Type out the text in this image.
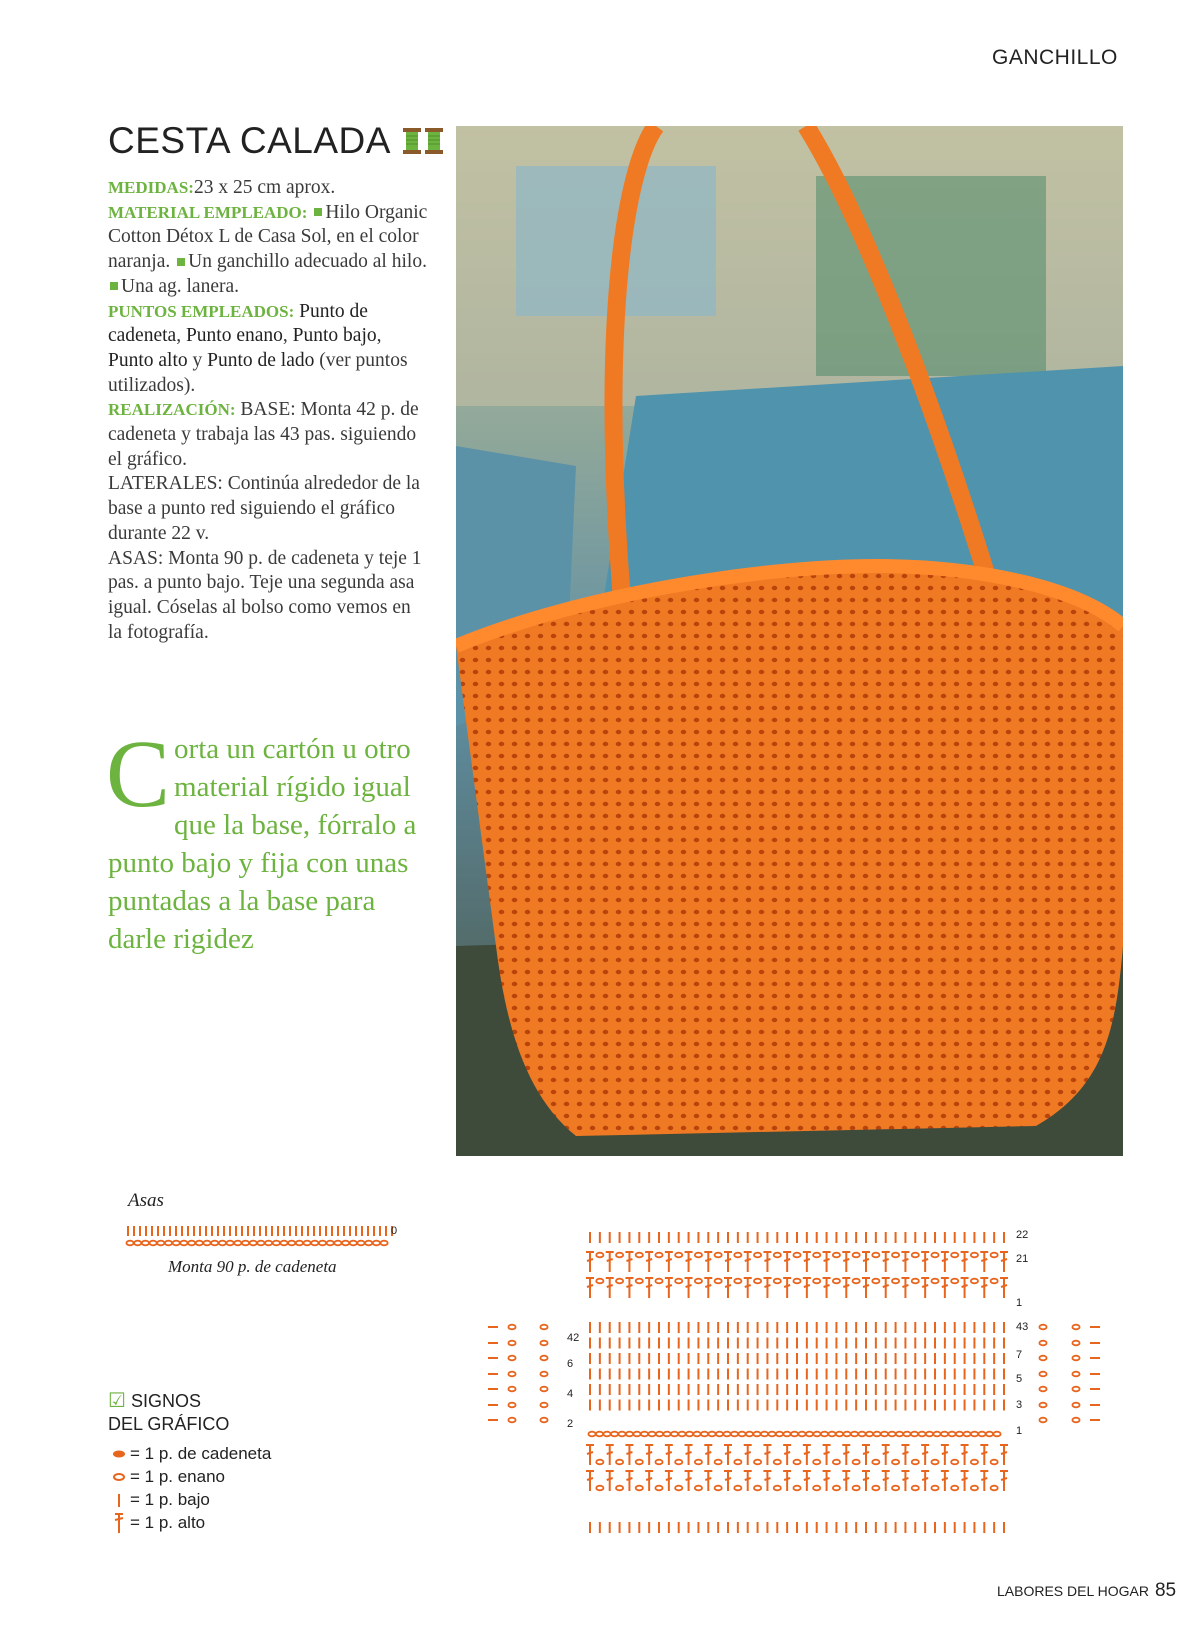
GANCHILLO
CESTA CALADA

MEDIDAS:23 x 25 cm aprox.

MATERIAL EMPLEADO: Hilo Organic Cotton Détox L de Casa Sol, en el color naranja. Un ganchillo adecuado al hilo. Una ag. lanera.

PUNTOS EMPLEADOS: Punto de cadeneta, Punto enano, Punto bajo, Punto alto y Punto de lado (ver puntos utilizados).

REALIZACIÓN: BASE: Monta 42 p. de cadeneta y trabaja las 43 pas. siguiendo el gráfico.

LATERALES: Continúa alrededor de la base a punto red siguiendo el gráfico durante 22 v.

ASAS: Monta 90 p. de cadeneta y teje 1 pas. a punto bajo. Teje una segunda asa igual. Cóselas al bolso como vemos en la fotografía.

Corta un cartón u otro material rígido igual que la base, fórralo a punto bajo y fija con unas puntadas a la base para darle rigidez
Asas
Monta 90 p. de cadeneta
0	22
21
1
43
7
5
3
1
42
6
4
2
☑ SIGNOS
DEL GRÁFICO
= 1 p. de cadeneta
= 1 p. enano
= 1 p. bajo
= 1 p. alto
LABORES DEL HOGAR 85
